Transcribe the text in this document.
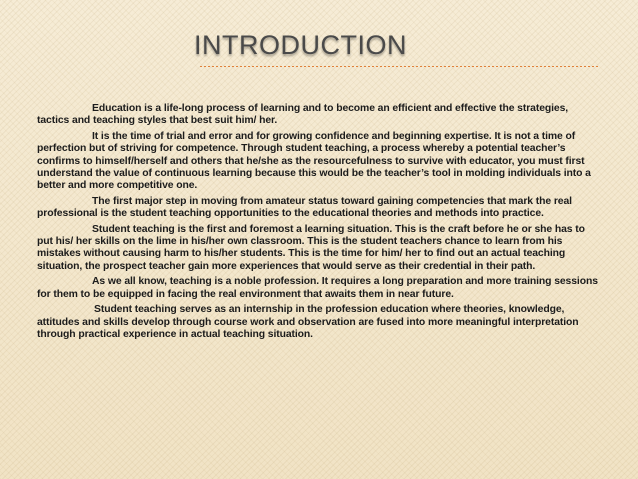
INTRODUCTION

Education is a life-long process of learning and to become an efficient and effective the strategies, tactics and teaching styles that best suit him/ her.

It is the time of trial and error and for growing confidence and beginning expertise. It is not a time of perfection but of striving for competence. Through student teaching, a process whereby a potential teacher’s confirms to himself/herself and others that he/she as the resourcefulness to survive with educator, you must first understand the value of continuous learning because this would be the teacher’s tool in molding individuals into a better and more competitive one.

The first major step in moving from amateur status toward gaining competencies that mark the real professional is the student teaching opportunities to the educational theories and methods into practice.

Student teaching is the first and foremost a learning situation. This is the craft before he or she has to put his/ her skills on the lime in his/her own classroom. This is the student teachers chance to learn from his mistakes without causing harm to his/her students. This is the time for him/ her to find out an actual teaching situation, the prospect teacher gain more experiences that would serve as their credential in their path.

As we all know, teaching is a noble profession. It requires a long preparation and more training sessions for them to be equipped in facing the real environment that awaits them in near future.

Student teaching serves as an internship in the profession education where theories, knowledge, attitudes and skills develop through course work and observation are fused into more meaningful interpretation through practical experience in actual teaching situation.
